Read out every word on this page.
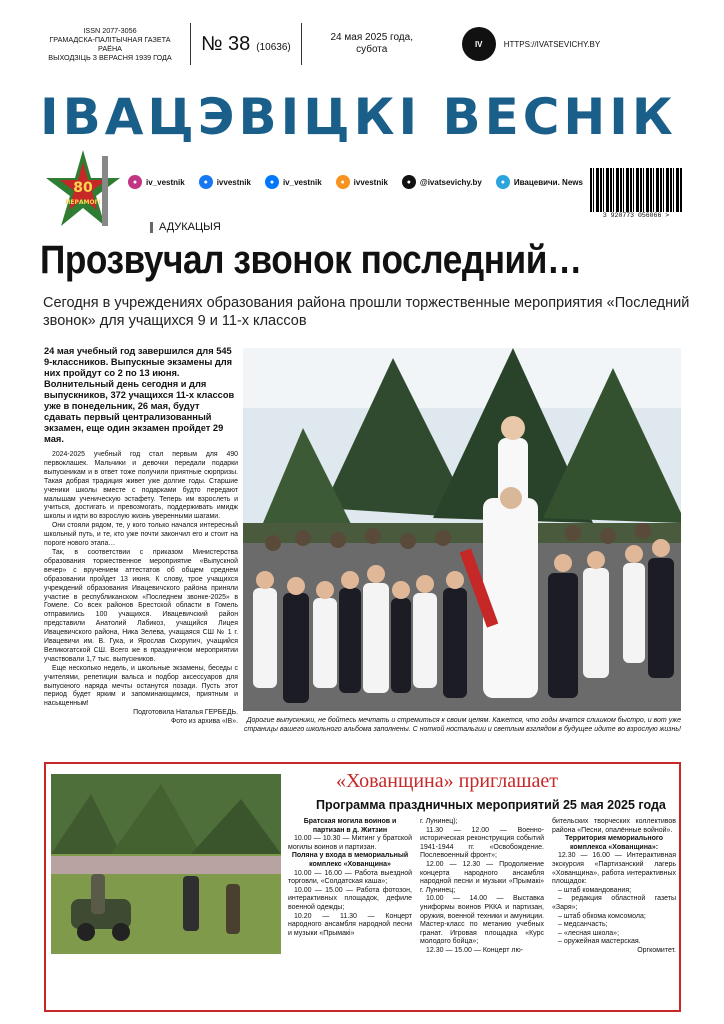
ISSN 2077-3056
ГРАМАДСКА-ПАЛІТЫЧНАЯ ГАЗЕТА РАЁНА
ВЫХОДЗІЦЬ З ВЕРАСНЯ 1939 ГОДА
№ 38 (10636)
24 мая 2025 года,
субота	IV	HTTPS://IVATSEVICHY.BY
ІВАЦЭВІЦКІ ВЕСНІК
80
ПЕРАМОГІ
●	iv_vestnik	●	ivvestnik	●	iv_vestnik	●	ivvestnik	●	@ivatsevichy.by	●	Ивацевичи. News
3 920773 056066 >
АДУКАЦЫЯ
Прозвучал звонок последний…
Сегодня в учреждениях образования района прошли торжественные мероприятия «Последний звонок» для учащихся 9 и 11-х классов
24 мая учебный год завершился для 545 9-классников. Выпускные экзамены для них пройдут со 2 по 13 июня. Волнительный день сегодня и для выпускников, 372 учащихся 11-х классов уже в понедельник, 26 мая, будут сдавать первый централизованный экзамен, еще один экзамен пройдет 29 мая.

2024-2025 учебный год стал первым для 490 первоклашек. Мальчики и девочки передали подарки выпускникам и в ответ тоже получили приятные сюрпризы. Такая добрая традиция живет уже долгие годы. Старшие ученики школы вместе с подарками будто передают малышам ученическую эстафету. Теперь им взрослеть и учиться, достигать и превозмогать, поддерживать имидж школы и идти во взрослую жизнь уверенными шагами.

Они стояли рядом, те, у кого только начался интересный школьный путь, и те, кто уже почти закончил его и стоит на пороге нового этапа…

Так, в соответствии с приказом Министерства образования торжественное мероприятие «Выпускной вечер» с вручением аттестатов об общем среднем образовании пройдет 13 июня. К слову, трое учащихся учреждений образования Ивацевичского района приняли участие в республиканском «Последнем звонке-2025» в Гомеле. Со всех районов Брестской области в Гомель отправились 100 учащихся. Ивацевичский район представили Анатолий Лабикоз, учащийся Лицея Ивацевичского района, Ника Зелева, учащаяся СШ № 1 г. Ивацевичи им. В. Гука, и Ярослав Скорупич, учащийся Великогатской СШ. Всего же в праздничном мероприятии участвовали 1,7 тыс. выпускников.

Еще несколько недель, и школьные экзамены, беседы с учителями, репетиции вальса и подбор аксессуаров для выпускного наряда мечты останутся позади. Пусть этот период будет ярким и запоминающимся, приятным и насыщенным!

Подготовила Наталья ГЕРБЕДЬ.
Фото из архива «ІВ».	Дорогие выпускники, не бойтесь мечтать и стремиться к своим целям. Кажется, что годы мчатся слишком быстро, и вот уже страницы вашего школьного альбома заполнены. С ноткой ностальгии и светлым взглядом в будущее идите во взрослую жизнь!
«Хованщина» приглашает
Программа праздничных мероприятий 25 мая 2025 года
Братская могила воинов и партизан в д. Житзин
10.00 — 10.30 — Митинг у братской могилы воинов и партизан.
Поляна у входа в мемориальный комплекс «Хованщина»
10.00 — 16.00 — Работа выездной торговли, «Солдатская каша»;
10.00 — 15.00 — Работа фотозон, интерактивных площадок, дефиле военной одежды;
10.20 — 11.30 — Концерт народного ансамбля народной песни и музыки «Прымакі»
г. Лунинец);
11.30 — 12.00 — Военно-историческая реконструкция событий 1941-1944 гг. «Освобождение. Послевоенный фронт»;
12.00 — 12.30 — Продолжение концерта народного ансамбля народной песни и музыки «Прымакі» г. Лунинец;
10.00 — 14.00 — Выставка униформы воинов РККА и партизан, оружия, военной техники и амуниции. Мастер-класс по метанию учебных гранат. Игровая площадка «Курс молодого бойца»;
12.30 — 15.00 — Концерт лю-
бительских творческих коллективов района «Песни, опалённые войной».
Территория мемориального комплекса «Хованщина»:
12.30 — 16.00 — Интерактивная экскурсия «Партизанский лагерь «Хованщина», работа интерактивных площадок:
– штаб командования;
– редакция областной газеты «Заря»;
– штаб обкома комсомола;
– медсанчасть;
– «лесная школа»;
– оружейная мастерская.
Оргкомитет.
